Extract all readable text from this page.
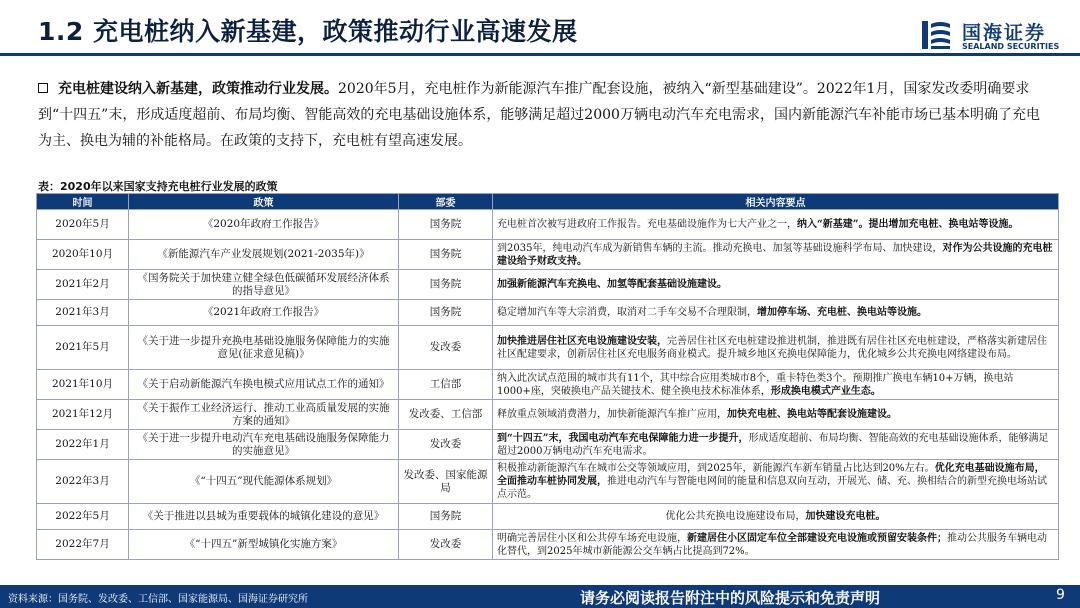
1.2 充电桩纳入新基建，政策推动行业高速发展	国海证券
SEALAND SECURITIES
充电桩建设纳入新基建，政策推动行业发展。2020年5月，充电桩作为新能源汽车推广配套设施，被纳入“新型基础建设”。2022年1月，国家发改委明确要求到“十四五”末，形成适度超前、布局均衡、智能高效的充电基础设施体系，能够满足超过2000万辆电动汽车充电需求，国内新能源汽车补能市场已基本明确了充电为主、换电为辅的补能格局。在政策的支持下，充电桩有望高速发展。
表：2020年以来国家支持充电桩行业发展的政策
时间	政策	部委	相关内容要点
2020年5月	《2020年政府工作报告》	国务院	充电桩首次被写进政府工作报告。充电基础设施作为七大产业之一，纳入“新基建”。提出增加充电桩、换电站等设施。
2020年10月	《新能源汽车产业发展规划(2021-2035年)》	国务院	到2035年，纯电动汽车成为新销售车辆的主流。推动充换电、加氢等基础设施科学布局、加快建设，对作为公共设施的充电桩建设给予财政支持。
2021年2月	《国务院关于加快建立健全绿色低碳循环发展经济体系的指导意见》	国务院	加强新能源汽车充换电、加氢等配套基础设施建设。
2021年3月	《2021年政府工作报告》	国务院	稳定增加汽车等大宗消费，取消对二手车交易不合理限制，增加停车场、充电桩、换电站等设施。
2021年5月	《关于进一步提升充换电基础设施服务保障能力的实施意见(征求意见稿)》	发改委	加快推进居住社区充电设施建设安装，完善居住社区充电桩建设推进机制，推进既有居住社区充电桩建设，严格落实新建居住社区配建要求，创新居住社区充电服务商业模式。提升城乡地区充换电保障能力，优化城乡公共充换电网络建设布局。
2021年10月	《关于启动新能源汽车换电模式应用试点工作的通知》	工信部	纳入此次试点范围的城市共有11个，其中综合应用类城市8个，重卡特色类3个。预期推广换电车辆10+万辆，换电站1000+座，突破换电产品关键技术、健全换电技术标准体系，形成换电模式产业生态。
2021年12月	《关于振作工业经济运行、推动工业高质量发展的实施方案的通知》	发改委、工信部	释放重点领域消费潜力，加快新能源汽车推广应用，加快充电桩、换电站等配套设施建设。
2022年1月	《关于进一步提升电动汽车充电基础设施服务保障能力的实施意见》	发改委	到“十四五”末，我国电动汽车充电保障能力进一步提升，形成适度超前、布局均衡、智能高效的充电基础设施体系，能够满足超过2000万辆电动汽车充电需求。
2022年3月	《“十四五”现代能源体系规划》	发改委、国家能源局	积极推动新能源汽车在城市公交等领域应用，到2025年，新能源汽车新车销量占比达到20%左右。优化充电基础设施布局，全面推动车桩协同发展，推进电动汽车与智能电网间的能量和信息双向互动，开展光、储、充、换相结合的新型充换电场站试点示范。
2022年5月	《关于推进以县城为重要载体的城镇化建设的意见》	国务院	优化公共充换电设施建设布局，加快建设充电桩。
2022年7月	《“十四五”新型城镇化实施方案》	发改委	明确完善居住小区和公共停车场充电设施，新建居住小区固定车位全部建设充电设施或预留安装条件；推动公共服务车辆电动化替代，到2025年城市新能源公交车辆占比提高到72%。
资料来源：国务院、发改委、工信部、国家能源局、国海证券研究所	请务必阅读报告附注中的风险提示和免责声明	9
